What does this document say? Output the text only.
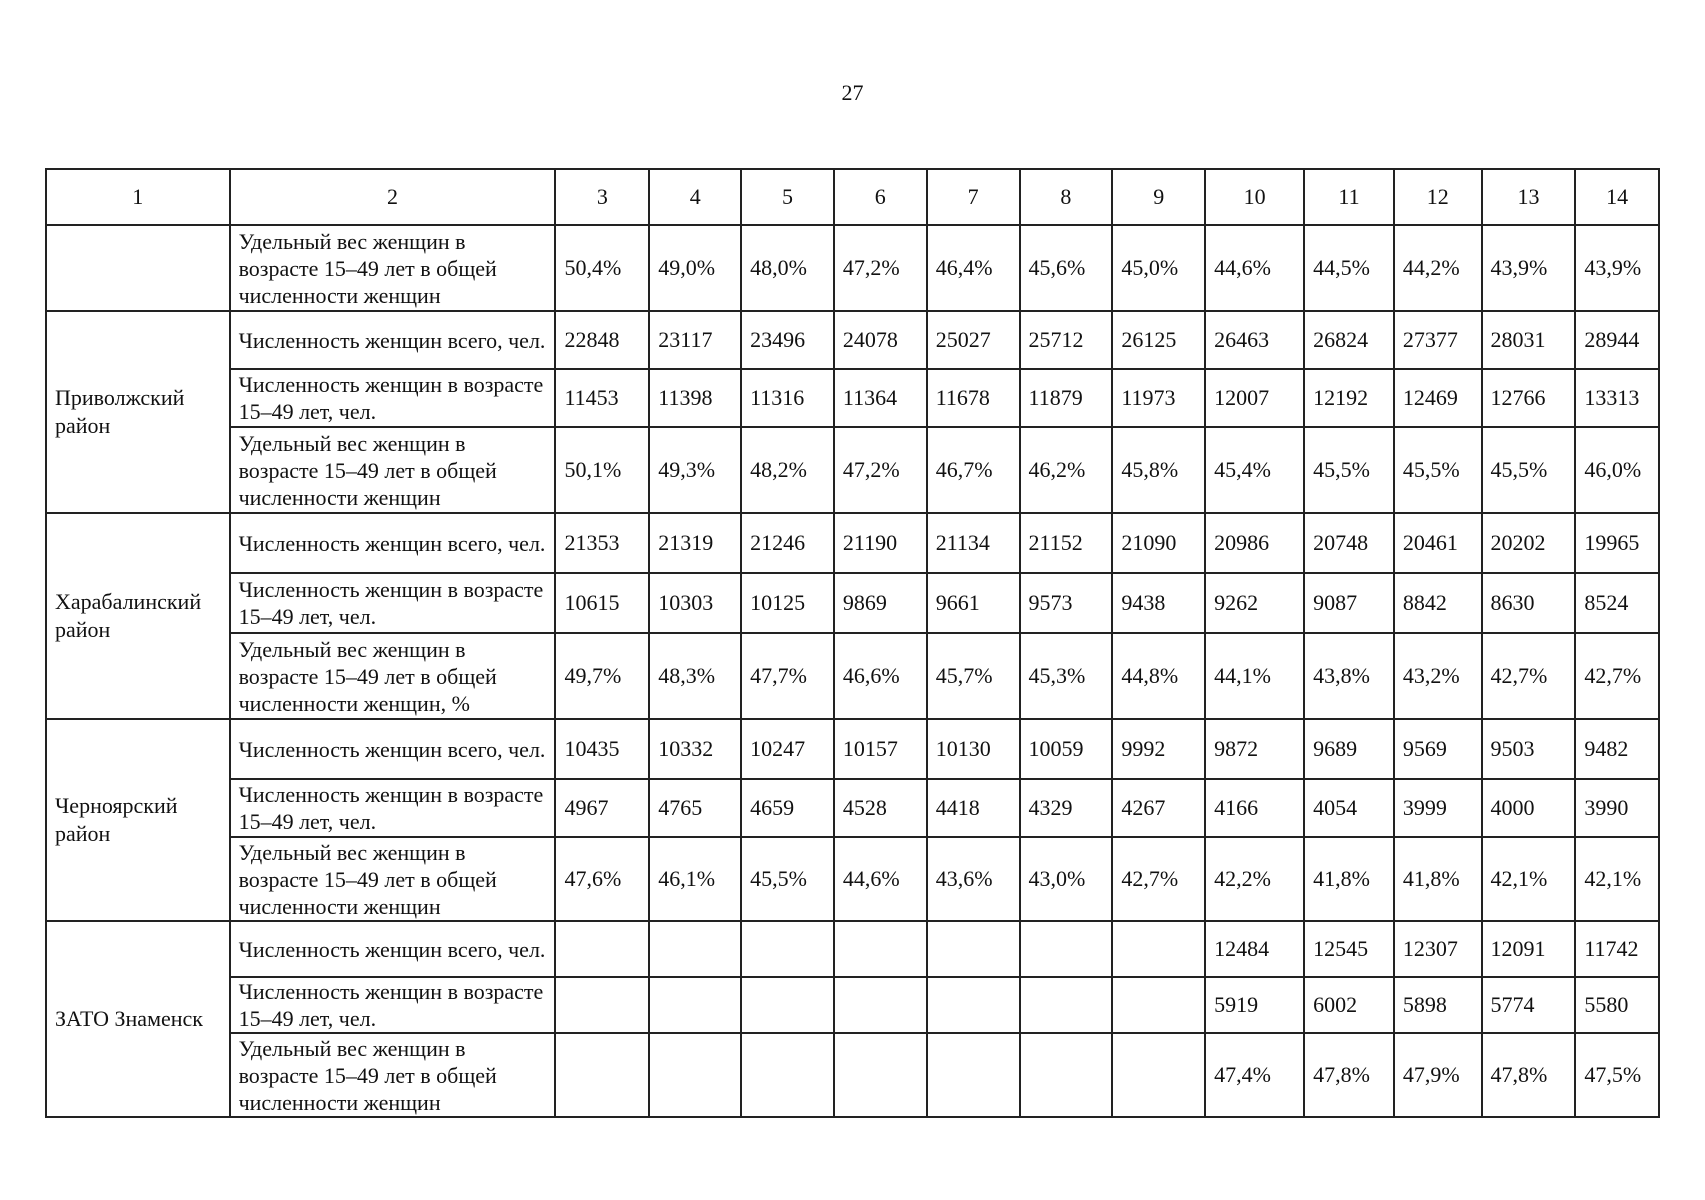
27
1	2	3	4	5	6	7	8	9	10	11	12	13	14
	Удельный вес женщин в возрасте 15–49 лет в общей численности женщин	50,4%	49,0%	48,0%	47,2%	46,4%	45,6%	45,0%	44,6%	44,5%	44,2%	43,9%	43,9%
Приволжский район	Численность женщин всего, чел.	22848	23117	23496	24078	25027	25712	26125	26463	26824	27377	28031	28944
	Численность женщин в возрасте 15–49 лет, чел.	11453	11398	11316	11364	11678	11879	11973	12007	12192	12469	12766	13313
	Удельный вес женщин в возрасте 15–49 лет в общей численности женщин	50,1%	49,3%	48,2%	47,2%	46,7%	46,2%	45,8%	45,4%	45,5%	45,5%	45,5%	46,0%
Харабалинский район	Численность женщин всего, чел.	21353	21319	21246	21190	21134	21152	21090	20986	20748	20461	20202	19965
	Численность женщин в возрасте 15–49 лет, чел.	10615	10303	10125	9869	9661	9573	9438	9262	9087	8842	8630	8524
	Удельный вес женщин в возрасте 15–49 лет в общей численности женщин, %	49,7%	48,3%	47,7%	46,6%	45,7%	45,3%	44,8%	44,1%	43,8%	43,2%	42,7%	42,7%
Черноярский район	Численность женщин всего, чел.	10435	10332	10247	10157	10130	10059	9992	9872	9689	9569	9503	9482
	Численность женщин в возрасте 15–49 лет, чел.	4967	4765	4659	4528	4418	4329	4267	4166	4054	3999	4000	3990
	Удельный вес женщин в возрасте 15–49 лет в общей численности женщин	47,6%	46,1%	45,5%	44,6%	43,6%	43,0%	42,7%	42,2%	41,8%	41,8%	42,1%	42,1%
ЗАТО Знаменск	Численность женщин всего, чел.								12484	12545	12307	12091	11742
	Численность женщин в возрасте 15–49 лет, чел.								5919	6002	5898	5774	5580
	Удельный вес женщин в возрасте 15–49 лет в общей численности женщин								47,4%	47,8%	47,9%	47,8%	47,5%
